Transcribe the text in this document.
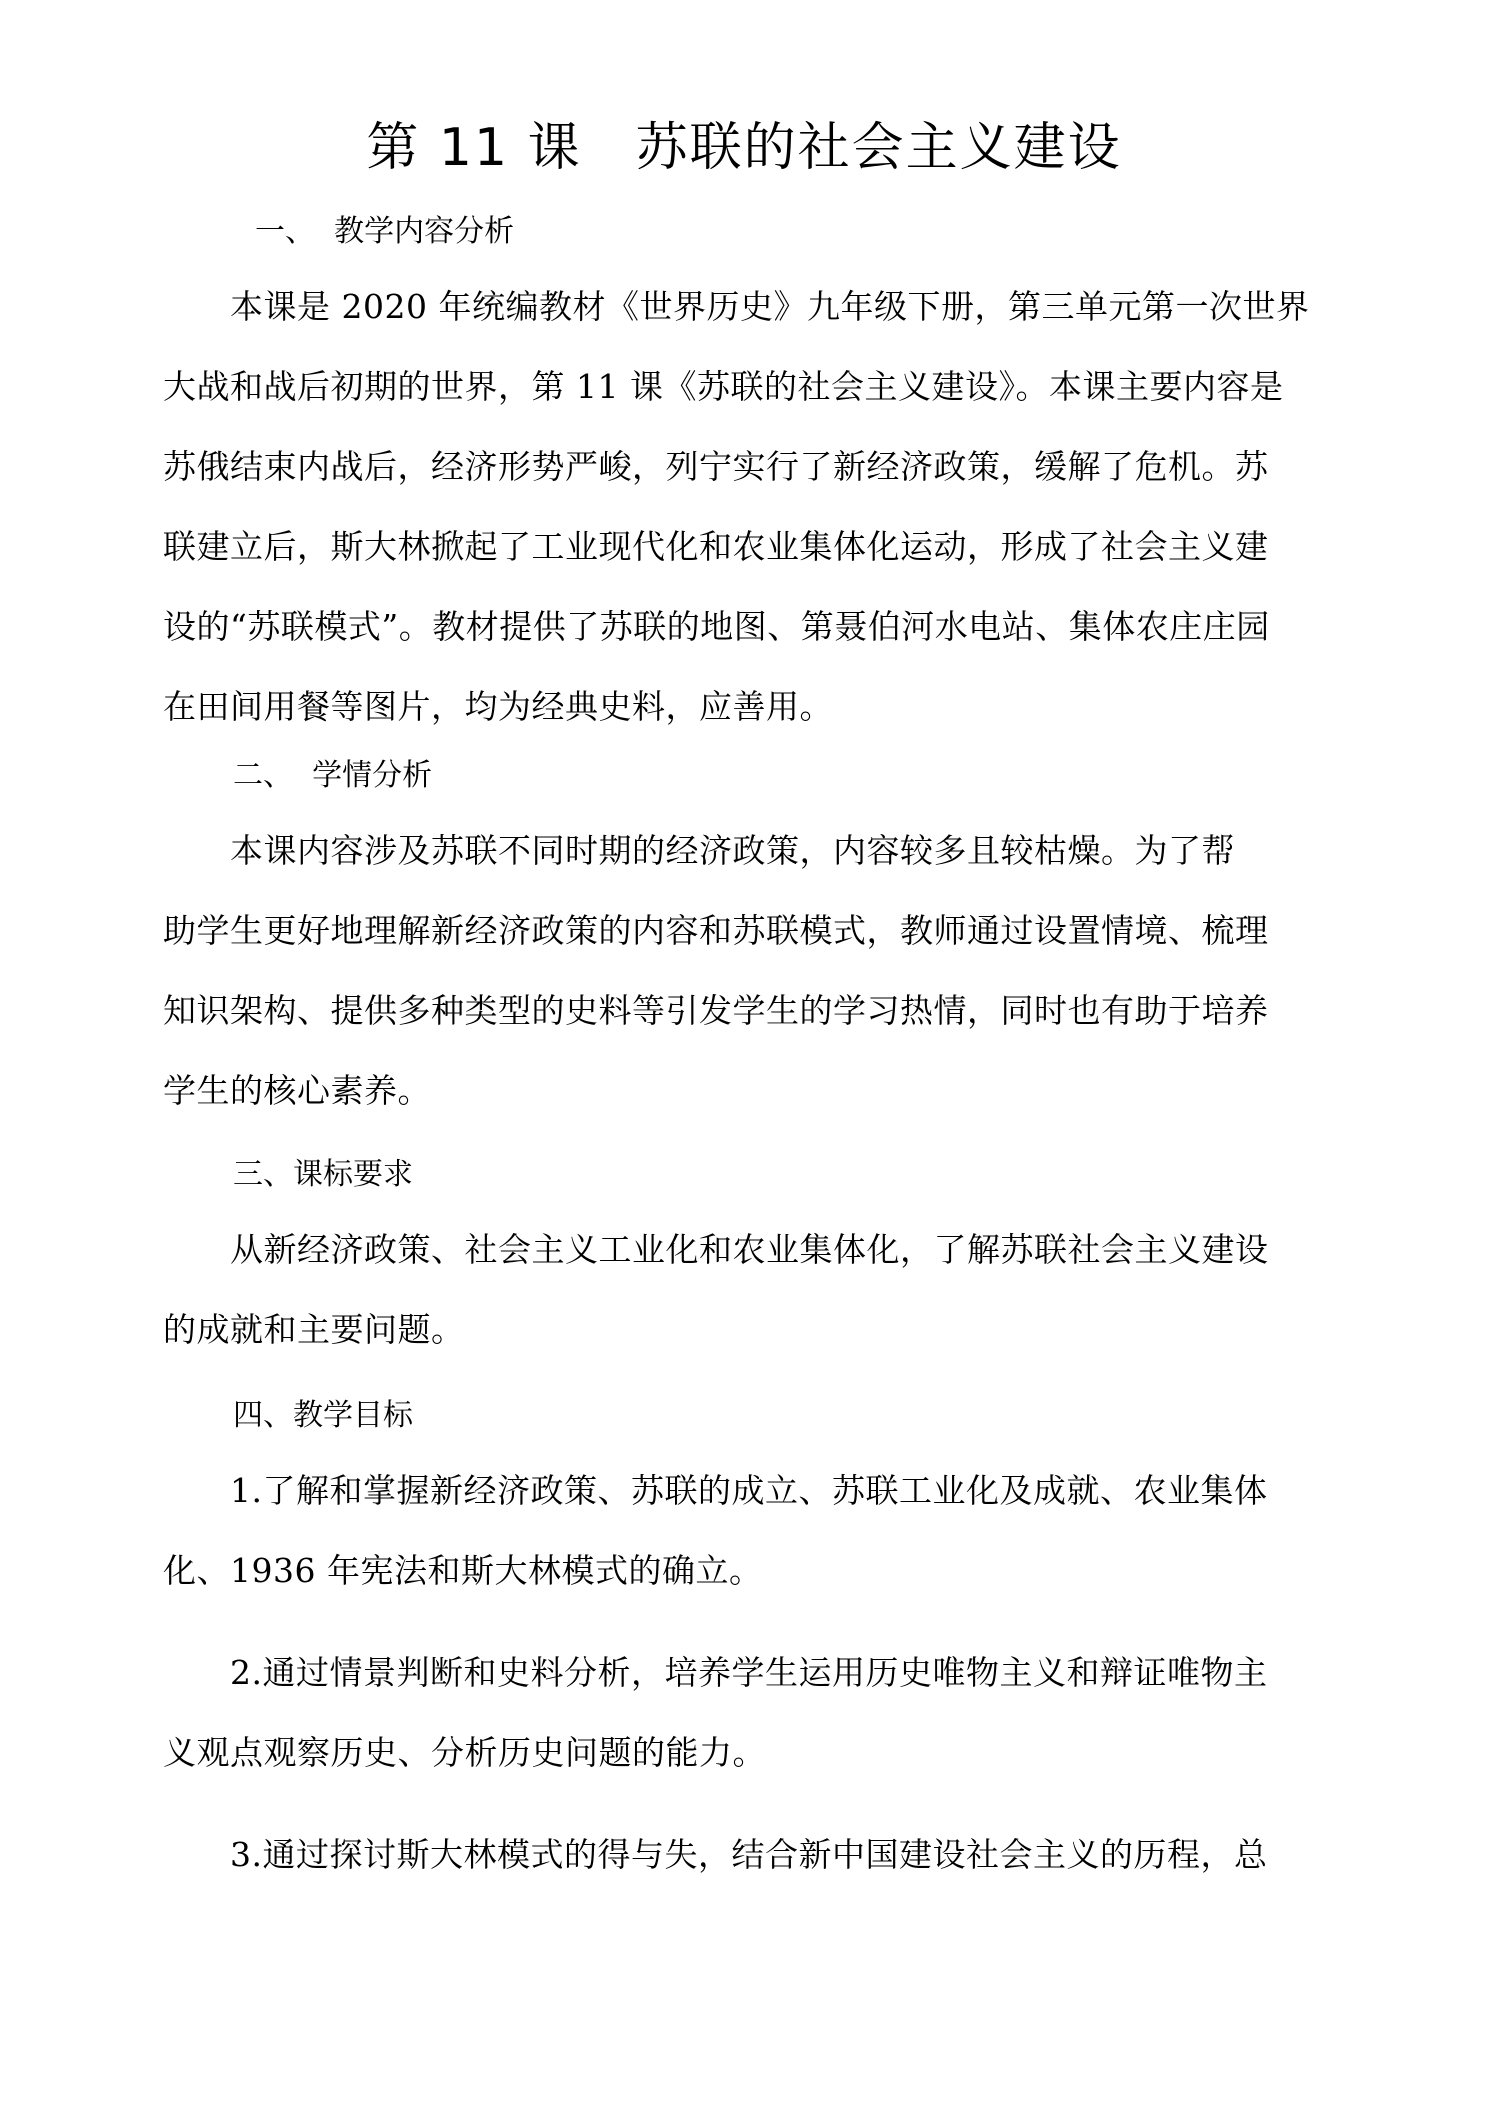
第 11 课　苏联的社会主义建设
一、  教学内容分析
　　本课是 2020 年统编教材《世界历史》九年级下册，第三单元第一次世界
大战和战后初期的世界，第 11 课《苏联的社会主义建设》。本课主要内容是
苏俄结束内战后，经济形势严峻，列宁实行了新经济政策，缓解了危机。苏
联建立后，斯大林掀起了工业现代化和农业集体化运动，形成了社会主义建
设的“苏联模式”。教材提供了苏联的地图、第聂伯河水电站、集体农庄庄园
在田间用餐等图片，均为经典史料，应善用。
二、  学情分析
　　本课内容涉及苏联不同时期的经济政策，内容较多且较枯燥。为了帮
助学生更好地理解新经济政策的内容和苏联模式，教师通过设置情境、梳理
知识架构、提供多种类型的史料等引发学生的学习热情，同时也有助于培养
学生的核心素养。
三、课标要求
　　从新经济政策、社会主义工业化和农业集体化，了解苏联社会主义建设
的成就和主要问题。
四、教学目标
　　1.了解和掌握新经济政策、苏联的成立、苏联工业化及成就、农业集体
化、1936 年宪法和斯大林模式的确立。
　　2.通过情景判断和史料分析，培养学生运用历史唯物主义和辩证唯物主
义观点观察历史、分析历史问题的能力。
　　3.通过探讨斯大林模式的得与失，结合新中国建设社会主义的历程，总
